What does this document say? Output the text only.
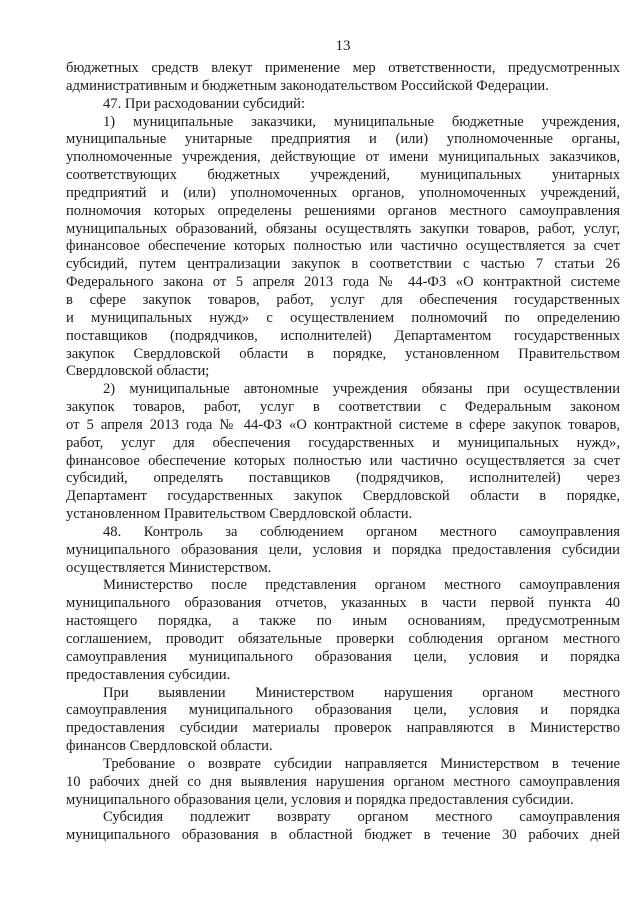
13
бюджетных средств влекут применение мер ответственности, предусмотренных
административным и бюджетным законодательством Российской Федерации.
47. При расходовании субсидий:
1) муниципальные заказчики, муниципальные бюджетные учреждения,
муниципальные унитарные предприятия и (или) уполномоченные органы,
уполномоченные учреждения, действующие от имени муниципальных заказчиков,
соответствующих бюджетных учреждений, муниципальных унитарных
предприятий и (или) уполномоченных органов, уполномоченных учреждений,
полномочия которых определены решениями органов местного самоуправления
муниципальных образований, обязаны осуществлять закупки товаров, работ, услуг,
финансовое обеспечение которых полностью или частично осуществляется за счет
субсидий, путем централизации закупок в соответствии с частью 7 статьи 26
Федерального закона от 5 апреля 2013 года № 44-ФЗ «О контрактной системе
в сфере закупок товаров, работ, услуг для обеспечения государственных
и муниципальных нужд» с осуществлением полномочий по определению
поставщиков (подрядчиков, исполнителей) Департаментом государственных
закупок Свердловской области в порядке, установленном Правительством
Свердловской области;
2) муниципальные автономные учреждения обязаны при осуществлении
закупок товаров, работ, услуг в соответствии с Федеральным законом
от 5 апреля 2013 года № 44-ФЗ «О контрактной системе в сфере закупок товаров,
работ, услуг для обеспечения государственных и муниципальных нужд»,
финансовое обеспечение которых полностью или частично осуществляется за счет
субсидий, определять поставщиков (подрядчиков, исполнителей) через
Департамент государственных закупок Свердловской области в порядке,
установленном Правительством Свердловской области.
48. Контроль за соблюдением органом местного самоуправления
муниципального образования цели, условия и порядка предоставления субсидии
осуществляется Министерством.
Министерство после представления органом местного самоуправления
муниципального образования отчетов, указанных в части первой пункта 40
настоящего порядка, а также по иным основаниям, предусмотренным
соглашением, проводит обязательные проверки соблюдения органом местного
самоуправления муниципального образования цели, условия и порядка
предоставления субсидии.
При выявлении Министерством нарушения органом местного
самоуправления муниципального образования цели, условия и порядка
предоставления субсидии материалы проверок направляются в Министерство
финансов Свердловской области.
Требование о возврате субсидии направляется Министерством в течение
10 рабочих дней со дня выявления нарушения органом местного самоуправления
муниципального образования цели, условия и порядка предоставления субсидии.
Субсидия подлежит возврату органом местного самоуправления
муниципального образования в областной бюджет в течение 30 рабочих дней
